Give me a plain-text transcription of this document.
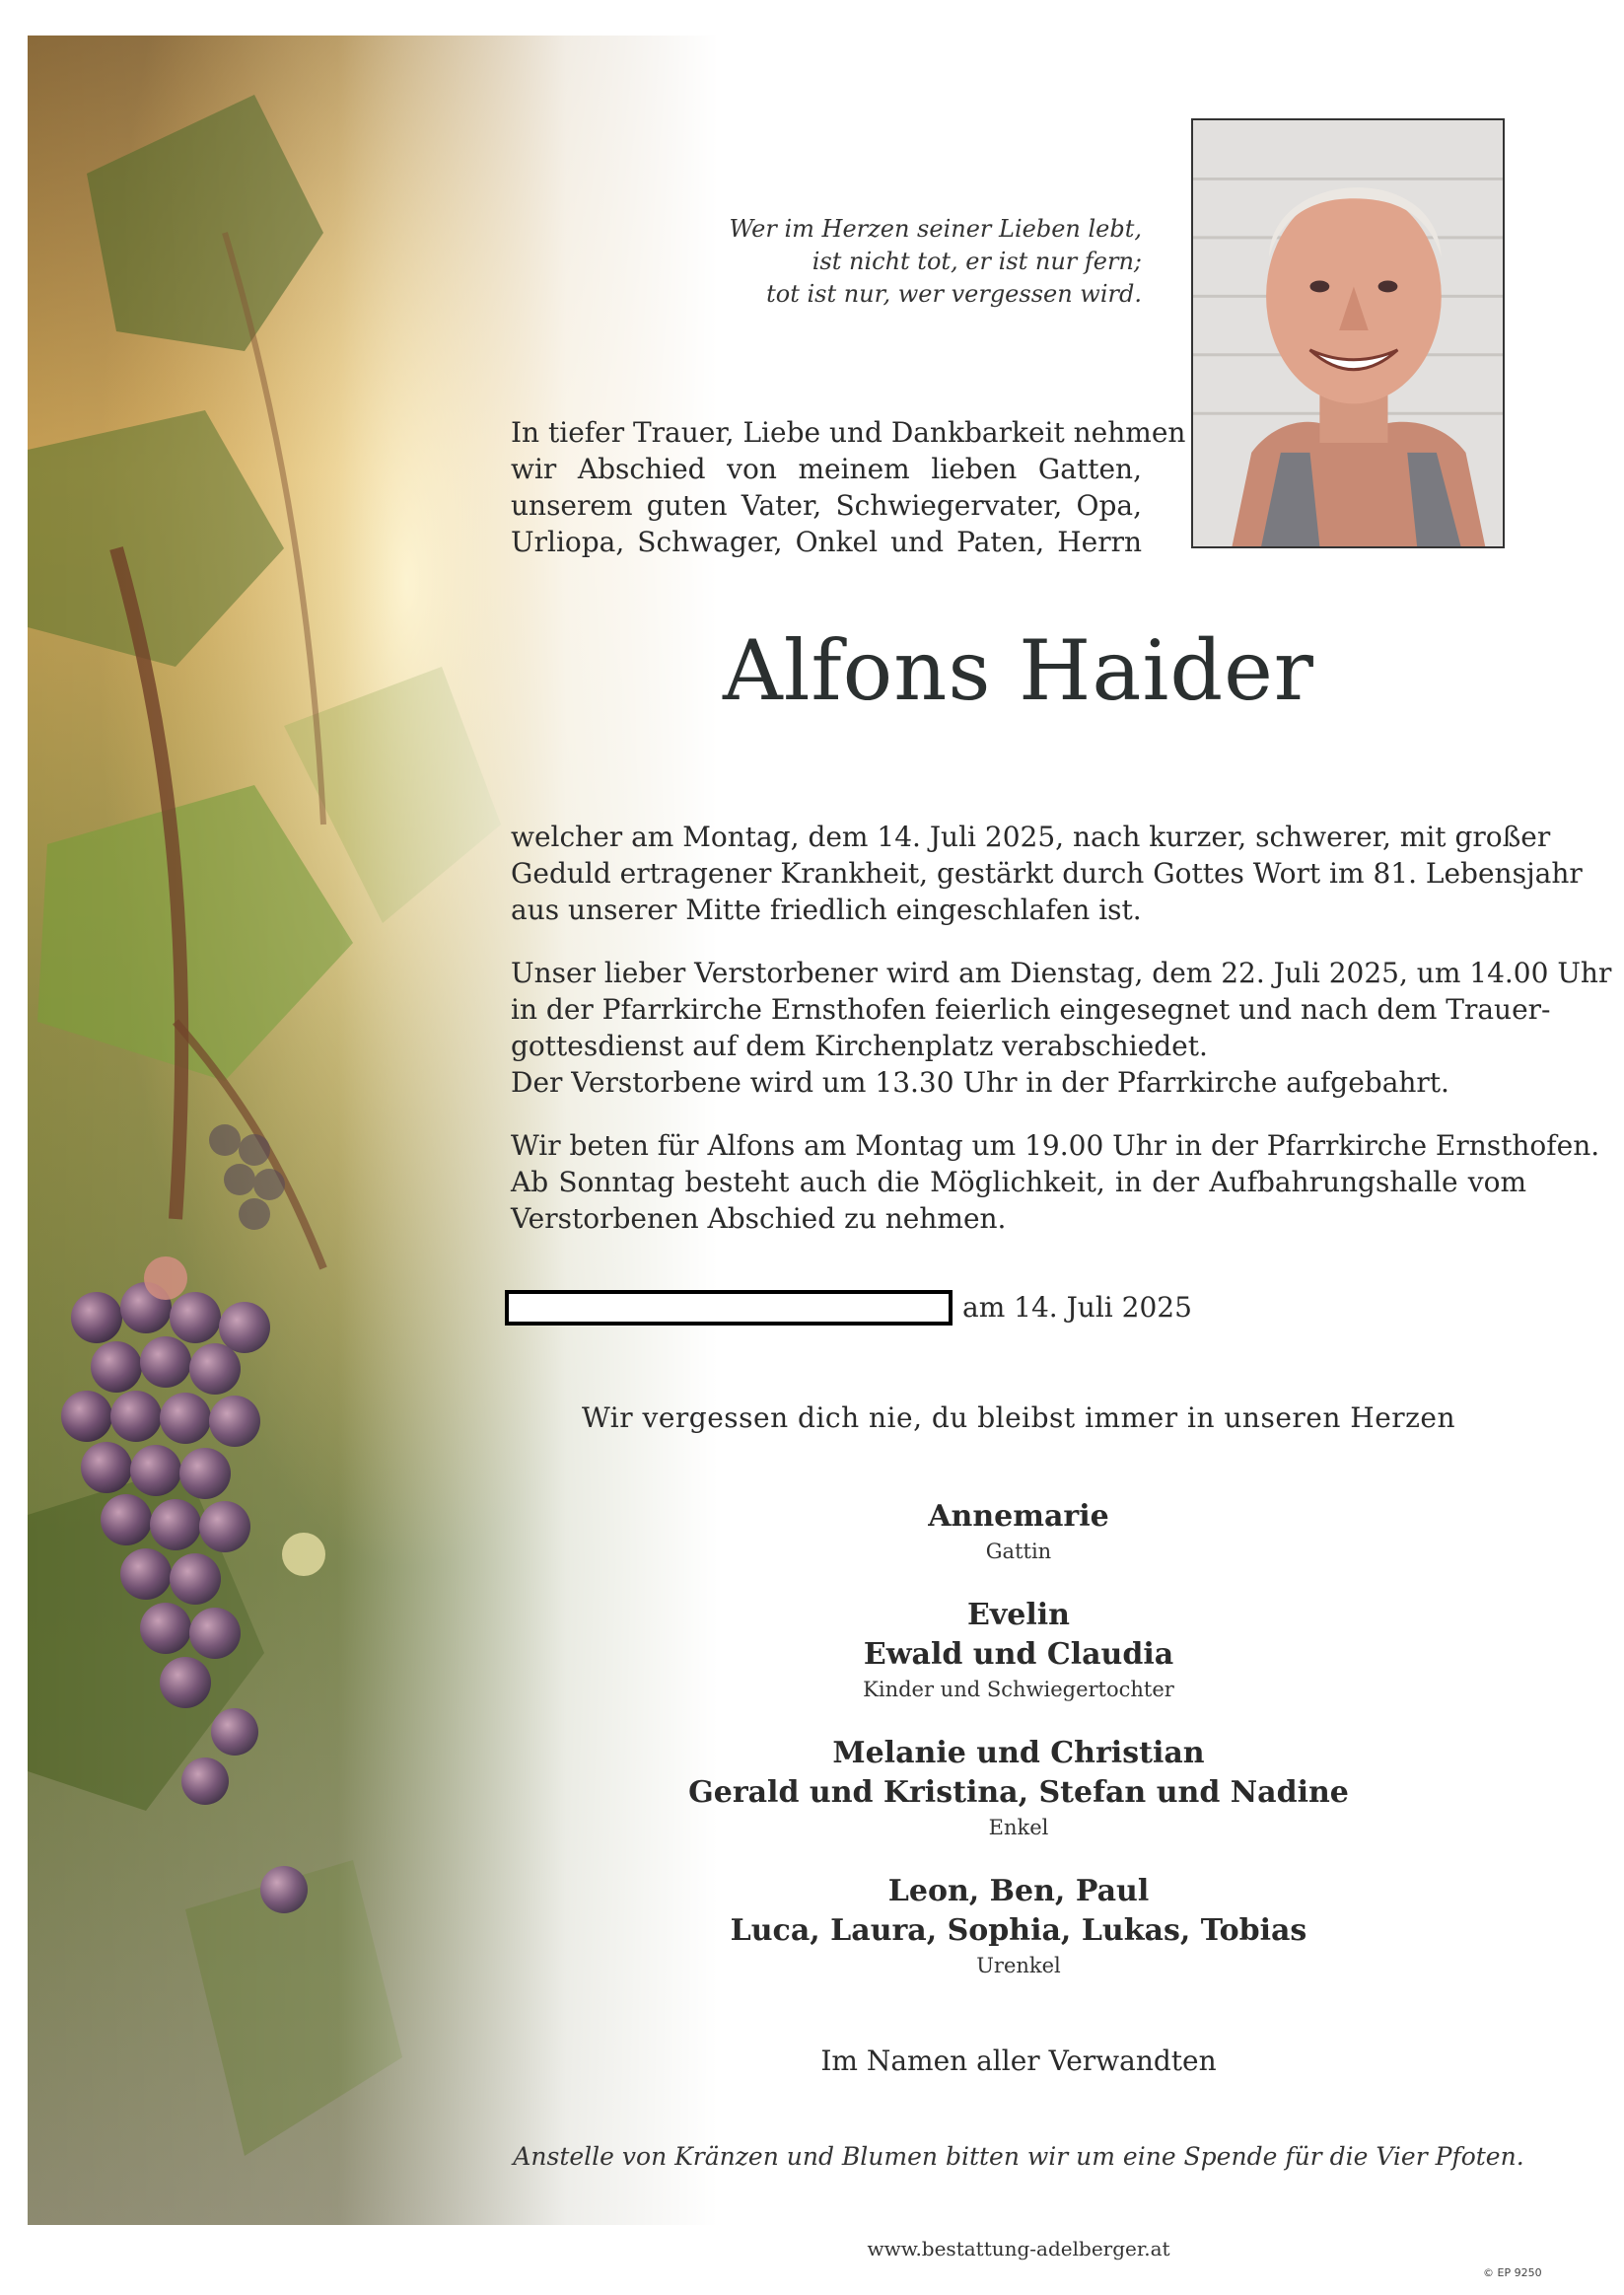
Wer im Herzen seiner Lieben lebt,
ist nicht tot, er ist nur fern;
tot ist nur, wer vergessen wird.
In tiefer Trauer, Liebe und Dankbarkeit nehmen
wir Abschied von meinem lieben Gatten,
unserem guten Vater, Schwiegervater, Opa,
Urliopa, Schwager, Onkel und Paten, Herrn
Alfons Haider
welcher am Montag, dem 14. Juli 2025, nach kurzer, schwerer, mit großer
Geduld ertragener Krankheit, gestärkt durch Gottes Wort im 81. Lebensjahr
aus unserer Mitte friedlich eingeschlafen ist.
Unser lieber Verstorbener wird am Dienstag, dem 22. Juli 2025, um 14.00 Uhr
in der Pfarrkirche Ernsthofen feierlich eingesegnet und nach dem Trauer-
gottesdienst auf dem Kirchenplatz verabschiedet.
Der Verstorbene wird um 13.30 Uhr in der Pfarrkirche aufgebahrt.
Wir beten für Alfons am Montag um 19.00 Uhr in der Pfarrkirche Ernsthofen.
Ab Sonntag besteht auch die Möglichkeit, in der Aufbahrungshalle vom
Verstorbenen Abschied zu nehmen.
am 14. Juli 2025
Wir vergessen dich nie, du bleibst immer in unseren Herzen
Annemarie
Gattin
Evelin
Ewald und Claudia
Kinder und Schwiegertochter
Melanie und Christian
Gerald und Kristina, Stefan und Nadine
Enkel
Leon, Ben, Paul
Luca, Laura, Sophia, Lukas, Tobias
Urenkel
Im Namen aller Verwandten
Anstelle von Kränzen und Blumen bitten wir um eine Spende für die Vier Pfoten.
www.bestattung-adelberger.at
© EP 9250
